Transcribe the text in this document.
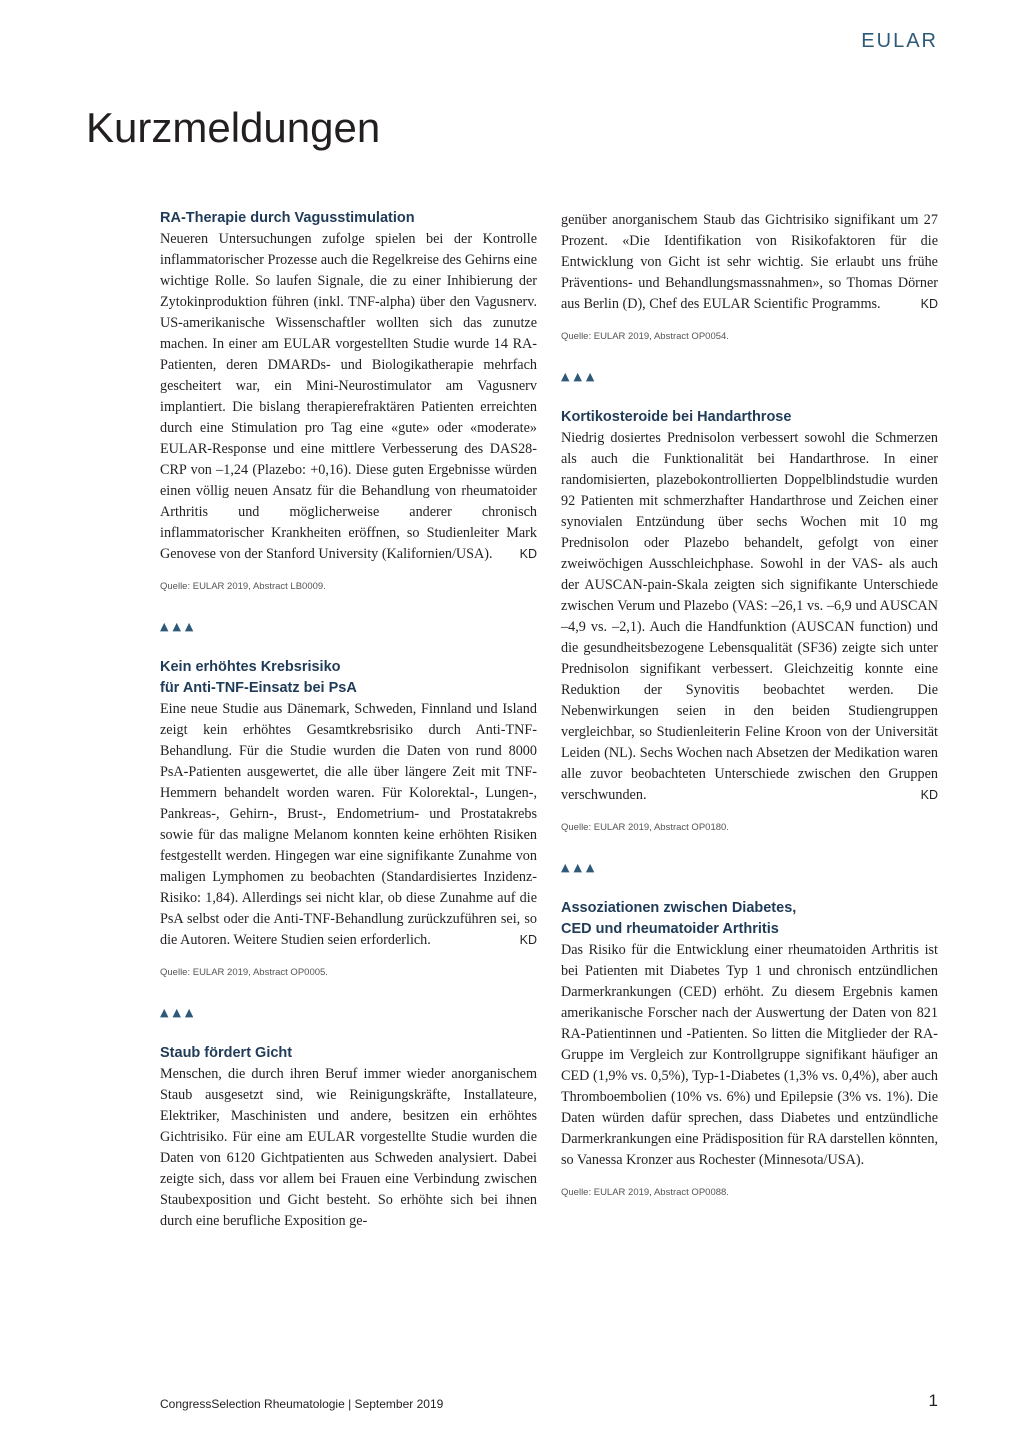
EULAR
Kurzmeldungen
RA-Therapie durch Vagusstimulation

Neueren Untersuchungen zufolge spielen bei der Kontrolle inflammatorischer Prozesse auch die Regelkreise des Gehirns eine wichtige Rolle. So laufen Signale, die zu einer Inhibierung der Zytokinproduktion führen (inkl. TNF-alpha) über den Vagusnerv. US-amerikanische Wissenschaftler wollten sich das zunutze machen. In einer am EULAR vorgestellten Studie wurde 14 RA-Patienten, deren DMARDs- und Biologikatherapie mehrfach gescheitert war, ein Mini-Neurostimulator am Vagusnerv implantiert. Die bislang therapierefraktären Patienten erreichten durch eine Stimulation pro Tag eine «gute» oder «moderate» EULAR-Response und eine mittlere Verbesserung des DAS28-CRP von –1,24 (Plazebo: +0,16). Diese guten Ergebnisse würden einen völlig neuen Ansatz für die Behandlung von rheumatoider Arthritis und möglicherweise anderer chronisch inflammatorischer Krankheiten eröffnen, so Studienleiter Mark Genovese von der Stanford University (Kalifornien/USA). KD

Quelle: EULAR 2019, Abstract LB0009.

▲▲▲
Kein erhöhtes Krebsrisiko
für Anti-TNF-Einsatz bei PsA

Eine neue Studie aus Dänemark, Schweden, Finnland und Island zeigt kein erhöhtes Gesamtkrebsrisiko durch Anti-TNF-Behandlung. Für die Studie wurden die Daten von rund 8000 PsA-Patienten ausgewertet, die alle über längere Zeit mit TNF-Hemmern behandelt worden waren. Für Kolorektal-, Lungen-, Pankreas-, Gehirn-, Brust-, Endometrium- und Prostatakrebs sowie für das maligne Melanom konnten keine erhöhten Risiken festgestellt werden. Hingegen war eine signifikante Zunahme von maligen Lymphomen zu beobachten (Standardisiertes Inzidenz-Risiko: 1,84). Allerdings sei nicht klar, ob diese Zunahme auf die PsA selbst oder die Anti-TNF-Behandlung zurückzuführen sei, so die Autoren. Weitere Studien seien erforderlich.	KD

Quelle: EULAR 2019, Abstract OP0005.

▲▲▲
Staub fördert Gicht

Menschen, die durch ihren Beruf immer wieder anorganischem Staub ausgesetzt sind, wie Reinigungskräfte, Installateure, Elektriker, Maschinisten und andere, besitzen ein erhöhtes Gichtrisiko. Für eine am EULAR vorgestellte Studie wurden die Daten von 6120 Gichtpatienten aus Schweden analysiert. Dabei zeigte sich, dass vor allem bei Frauen eine Verbindung zwischen Staubexposition und Gicht besteht. So erhöhte sich bei ihnen durch eine berufliche Exposition ge-

genüber anorganischem Staub das Gichtrisiko signifikant um 27 Prozent. «Die Identifikation von Risikofaktoren für die Entwicklung von Gicht ist sehr wichtig. Sie erlaubt uns frühe Präventions- und Behandlungsmassnahmen», so Thomas Dörner aus Berlin (D), Chef des EULAR Scientific Programms.	KD

Quelle: EULAR 2019, Abstract OP0054.

▲▲▲
Kortikosteroide bei Handarthrose

Niedrig dosiertes Prednisolon verbessert sowohl die Schmerzen als auch die Funktionalität bei Handarthrose. In einer randomisierten, plazebokontrollierten Doppelblindstudie wurden 92 Patienten mit schmerzhafter Handarthrose und Zeichen einer synovialen Entzündung über sechs Wochen mit 10 mg Prednisolon oder Plazebo behandelt, gefolgt von einer zweiwöchigen Ausschleichphase. Sowohl in der VAS- als auch der AUSCAN-pain-Skala zeigten sich signifikante Unterschiede zwischen Verum und Plazebo (VAS: –26,1 vs. –6,9 und AUSCAN –4,9 vs. –2,1). Auch die Handfunktion (AUSCAN function) und die gesundheitsbezogene Lebensqualität (SF36) zeigte sich unter Prednisolon signifikant verbessert. Gleichzeitig konnte eine Reduktion der Synovitis beobachtet werden. Die Nebenwirkungen seien in den beiden Studiengruppen vergleichbar, so Studienleiterin Feline Kroon von der Universität Leiden (NL). Sechs Wochen nach Absetzen der Medikation waren alle zuvor beobachteten Unterschiede zwischen den Gruppen verschwunden.	KD

Quelle: EULAR 2019, Abstract OP0180.

▲▲▲
Assoziationen zwischen Diabetes,
CED und rheumatoider Arthritis

Das Risiko für die Entwicklung einer rheumatoiden Arthritis ist bei Patienten mit Diabetes Typ 1 und chronisch entzündlichen Darmerkrankungen (CED) erhöht. Zu diesem Ergebnis kamen amerikanische Forscher nach der Auswertung der Daten von 821 RA-Patientinnen und -Patienten. So litten die Mitglieder der RA-Gruppe im Vergleich zur Kontrollgruppe signifikant häufiger an CED (1,9% vs. 0,5%), Typ-1-Diabetes (1,3% vs. 0,4%), aber auch Thromboembolien (10% vs. 6%) und Epilepsie (3% vs. 1%). Die Daten würden dafür sprechen, dass Diabetes und entzündliche Darmerkrankungen eine Prädisposition für RA darstellen könnten, so Vanessa Kronzer aus Rochester (Minnesota/USA).

Quelle: EULAR 2019, Abstract OP0088.

CongressSelection Rheumatologie | September 2019	1
